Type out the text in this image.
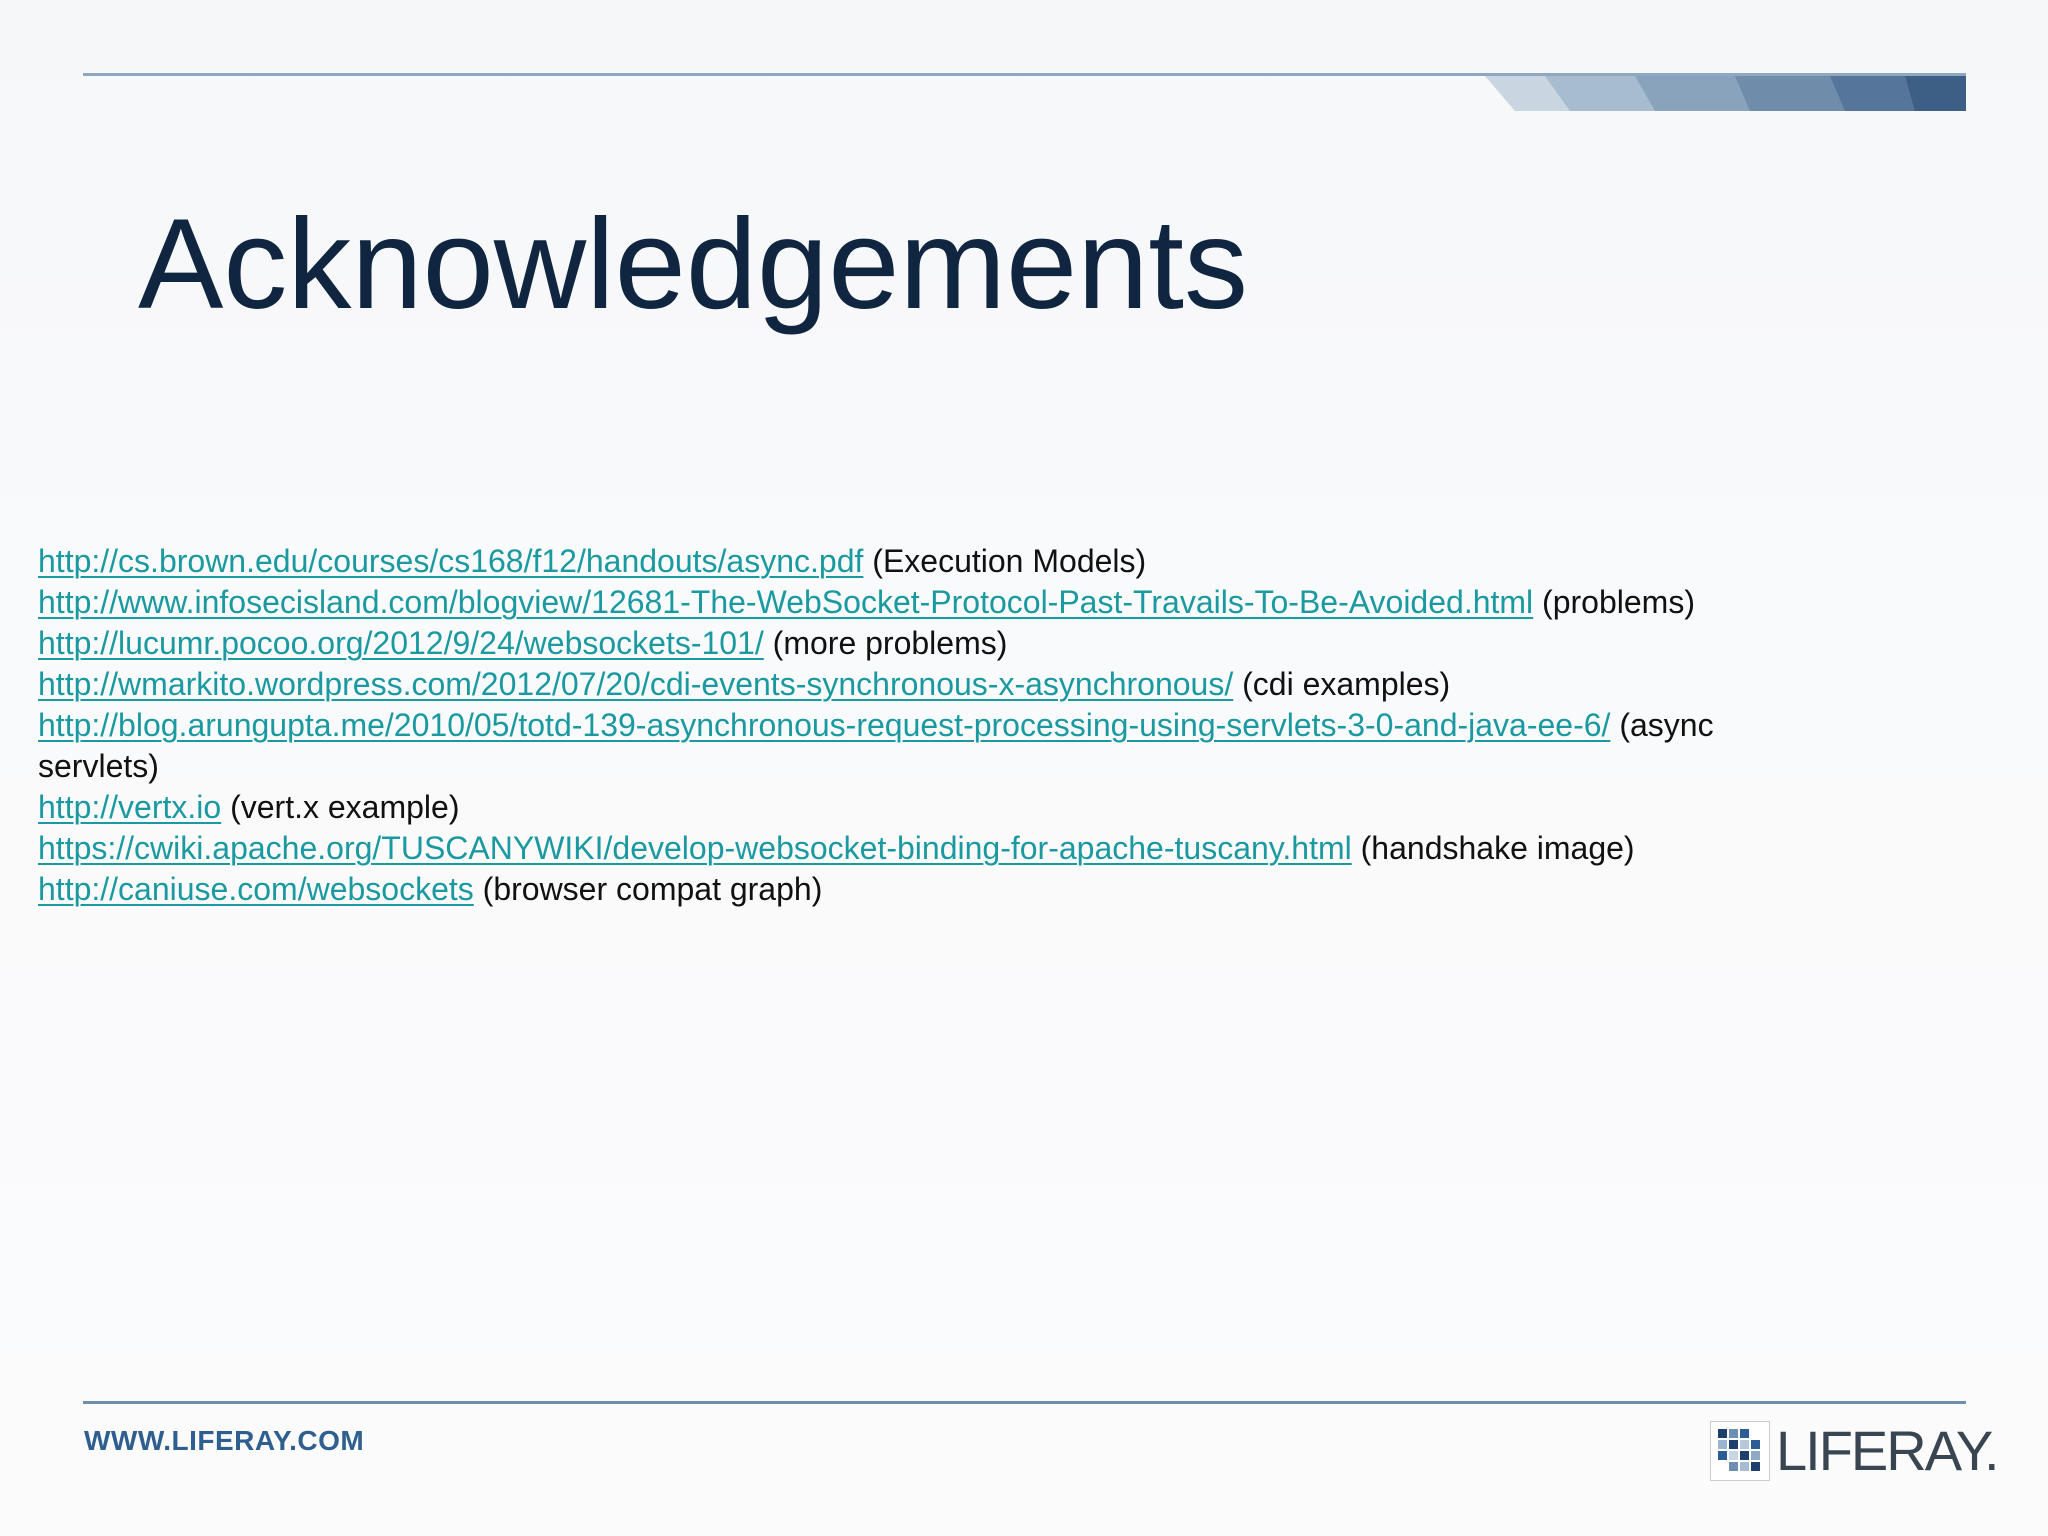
Acknowledgements
http://cs.brown.edu/courses/cs168/f12/handouts/async.pdf (Execution Models)
http://www.infosecisland.com/blogview/12681-The-WebSocket-Protocol-Past-Travails-To-Be-Avoided.html (problems)
http://lucumr.pocoo.org/2012/9/24/websockets-101/ (more problems)
http://wmarkito.wordpress.com/2012/07/20/cdi-events-synchronous-x-asynchronous/ (cdi examples)
http://blog.arungupta.me/2010/05/totd-139-asynchronous-request-processing-using-servlets-3-0-and-java-ee-6/ (async servlets)
http://vertx.io (vert.x example)
https://cwiki.apache.org/TUSCANYWIKI/develop-websocket-binding-for-apache-tuscany.html (handshake image)
http://caniuse.com/websockets (browser compat graph)
WWW.LIFERAY.COM	LIFERAY.
